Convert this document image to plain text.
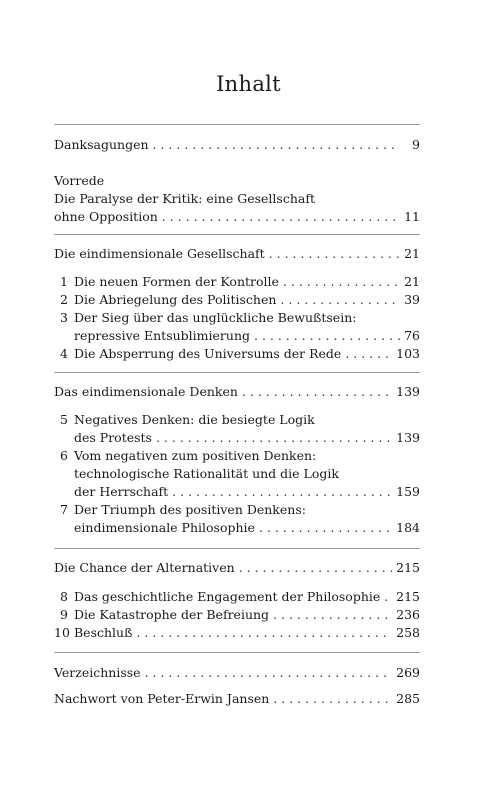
Inhalt
Danksagungen . . .	9
Vorrede
Die Paralyse der Kritik: eine Gesellschaft
ohne Opposition . . .	11
Die eindimensionale Gesellschaft . . .	21
1 Die neuen Formen der Kontrolle . . .	21
2 Die Abriegelung des Politischen . . .	39
3 Der Sieg über das unglückliche Bewußtsein:
repressive Entsublimierung . . .	76
4 Die Absperrung des Universums der Rede . . .	103
Das eindimensionale Denken . . .	139
5 Negatives Denken: die besiegte Logik
des Protests . . .	139
6 Vom negativen zum positiven Denken:
technologische Rationalität und die Logik
der Herrschaft . . .	159
7 Der Triumph des positiven Denkens:
eindimensionale Philosophie . . .	184
Die Chance der Alternativen . . .	215
8 Das geschichtliche Engagement der Philosophie . . . 215
9 Die Katastrophe der Befreiung . . .	236
10 Beschluß . . .	258
Verzeichnisse . . .	269
Nachwort von Peter-Erwin Jansen . . .	285
